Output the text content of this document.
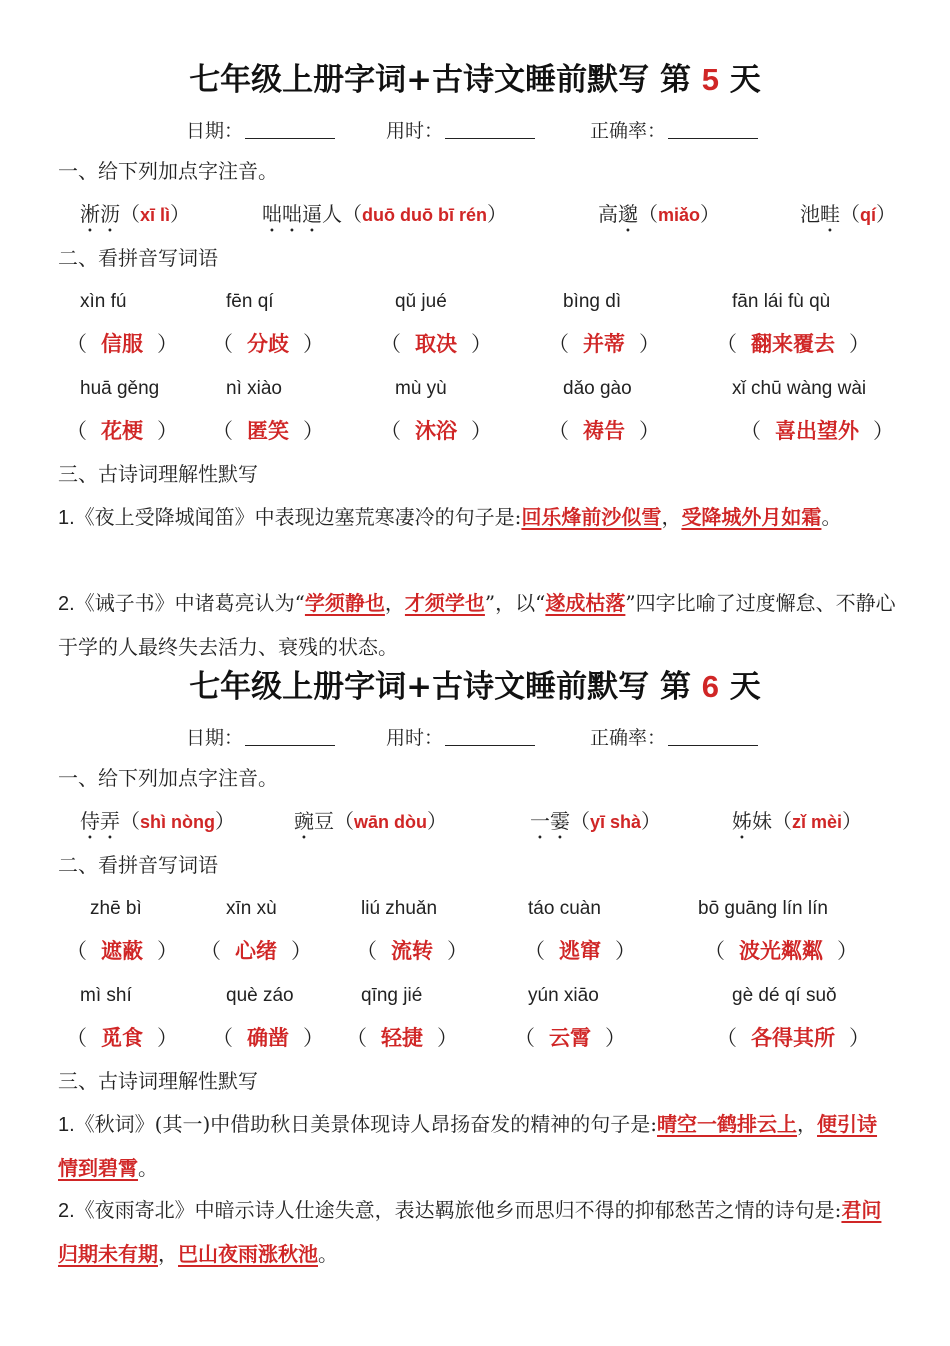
七年级上册字词+古诗文睡前默写 第 5 天
日期：	用时：	正确率：
一、给下列加点字注音。
淅沥（xī lì）	咄咄逼人（duō duō bī rén）	高邈（miǎo）	池畦（qí）
二、看拼音写词语
xìn fú	fēn qí	qǔ jué	bìng dì	fān lái fù qù
（ 信服 ） （ 分歧 ）	（ 取决 ）	（ 并蒂 ）	（ 翻来覆去 ）
huā gěng	nì xiào	mù yù	dǎo gào	xǐ chū wàng wài
（ 花梗 ） （ 匿笑 ）	（ 沐浴 ）	（ 祷告 ）	（ 喜出望外 ）
三、古诗词理解性默写
1.《夜上受降城闻笛》中表现边塞荒寒凄冷的句子是:回乐烽前沙似雪，受降城外月如霜。
2.《诫子书》中诸葛亮认为“学须静也，才须学也”，以“遂成枯落”四字比喻了过度懈怠、不静心于学的人最终失去活力、衰残的状态。
七年级上册字词+古诗文睡前默写 第 6 天
日期：	用时：	正确率：
一、给下列加点字注音。
侍弄（shì nòng）	豌豆（wān dòu）	一霎（yī shà）	姊妹（zǐ mèi）
二、看拼音写词语
zhē bì	xīn xù	liú zhuǎn	táo cuàn	bō guāng lín lín
（ 遮蔽 ） （ 心绪 ） （ 流转 ）	（ 逃窜 ）	（ 波光粼粼 ）
mì shí	què záo	qīng jié	yún xiāo	gè dé qí suǒ
（ 觅食 ） （ 确凿 ） （ 轻捷 ）	（ 云霄 ）	（ 各得其所 ）
三、古诗词理解性默写
1.《秋词》(其一)中借助秋日美景体现诗人昂扬奋发的精神的句子是:晴空一鹤排云上，便引诗情到碧霄。
2.《夜雨寄北》中暗示诗人仕途失意，表达羁旅他乡而思归不得的抑郁愁苦之情的诗句是:君问归期未有期，巴山夜雨涨秋池。
